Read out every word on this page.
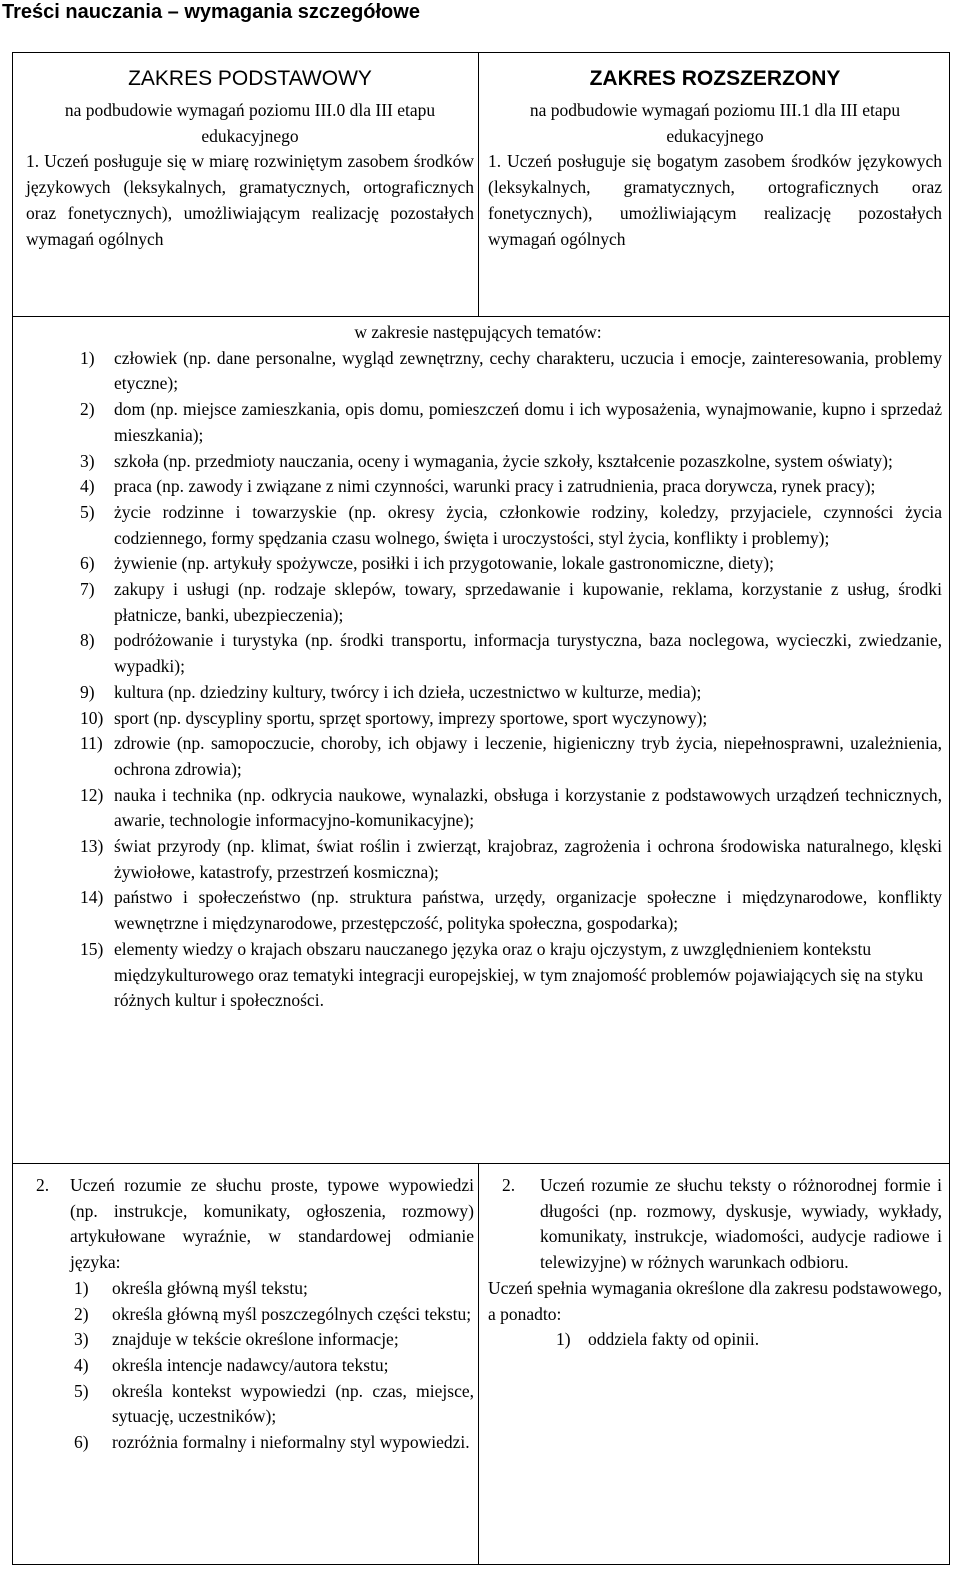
Treści nauczania – wymagania szczegółowe
ZAKRES PODSTAWOWY
na podbudowie wymagań poziomu III.0 dla III etapu edukacyjnego
1. Uczeń posługuje się w miarę rozwiniętym zasobem środków językowych (leksykalnych, gramatycznych, ortograficznych oraz fonetycznych), umożliwiającym realizację pozostałych wymagań ogólnych
ZAKRES ROZSZERZONY
na podbudowie wymagań poziomu III.1 dla III etapu edukacyjnego
1. Uczeń posługuje się bogatym zasobem środków językowych (leksykalnych, gramatycznych, ortograficznych oraz fonetycznych), umożliwiającym realizację pozostałych wymagań ogólnych
w zakresie następujących tematów:
1) człowiek (np. dane personalne, wygląd zewnętrzny, cechy charakteru, uczucia i emocje, zainteresowania, problemy etyczne);
2) dom (np. miejsce zamieszkania, opis domu, pomieszczeń domu i ich wyposażenia, wynajmowanie, kupno i sprzedaż mieszkania);
3) szkoła (np. przedmioty nauczania, oceny i wymagania, życie szkoły, kształcenie pozaszkolne, system oświaty);
4) praca (np. zawody i związane z nimi czynności, warunki pracy i zatrudnienia, praca dorywcza, rynek pracy);
5) życie rodzinne i towarzyskie (np. okresy życia, członkowie rodziny, koledzy, przyjaciele, czynności życia codziennego, formy spędzania czasu wolnego, święta i uroczystości, styl życia, konflikty i problemy);
6) żywienie (np. artykuły spożywcze, posiłki i ich przygotowanie, lokale gastronomiczne, diety);
7) zakupy i usługi (np. rodzaje sklepów, towary, sprzedawanie i kupowanie, reklama, korzystanie z usług, środki płatnicze, banki, ubezpieczenia);
8) podróżowanie i turystyka (np. środki transportu, informacja turystyczna, baza noclegowa, wycieczki, zwiedzanie, wypadki);
9) kultura (np. dziedziny kultury, twórcy i ich dzieła, uczestnictwo w kulturze, media);
10) sport (np. dyscypliny sportu, sprzęt sportowy, imprezy sportowe, sport wyczynowy);
11) zdrowie (np. samopoczucie, choroby, ich objawy i leczenie, higieniczny tryb życia, niepełnosprawni, uzależnienia, ochrona zdrowia);
12) nauka i technika (np. odkrycia naukowe, wynalazki, obsługa i korzystanie z podstawowych urządzeń technicznych, awarie, technologie informacyjno-komunikacyjne);
13) świat przyrody (np. klimat, świat roślin i zwierząt, krajobraz, zagrożenia i ochrona środowiska naturalnego, klęski żywiołowe, katastrofy, przestrzeń kosmiczna);
14) państwo i społeczeństwo (np. struktura państwa, urzędy, organizacje społeczne i międzynarodowe, konflikty wewnętrzne i międzynarodowe, przestępczość, polityka społeczna, gospodarka);
15) elementy wiedzy o krajach obszaru nauczanego języka oraz o kraju ojczystym, z uwzględnieniem kontekstu międzykulturowego oraz tematyki integracji europejskiej, w tym znajomość problemów pojawiających się na styku różnych kultur i społeczności.
2. Uczeń rozumie ze słuchu proste, typowe wypowiedzi (np. instrukcje, komunikaty, ogłoszenia, rozmowy) artykułowane wyraźnie, w standardowej odmianie języka:
1) określa główną myśl tekstu;
2) określa główną myśl poszczególnych części tekstu;
3) znajduje w tekście określone informacje;
4) określa intencje nadawcy/autora tekstu;
5) określa kontekst wypowiedzi (np. czas, miejsce, sytuację, uczestników);
6) rozróżnia formalny i nieformalny styl wypowiedzi.
2. Uczeń rozumie ze słuchu teksty o różnorodnej formie i długości (np. rozmowy, dyskusje, wywiady, wykłady, komunikaty, instrukcje, wiadomości, audycje radiowe i telewizyjne) w różnych warunkach odbioru.
Uczeń spełnia wymagania określone dla zakresu podstawowego, a ponadto:
1) oddziela fakty od opinii.
